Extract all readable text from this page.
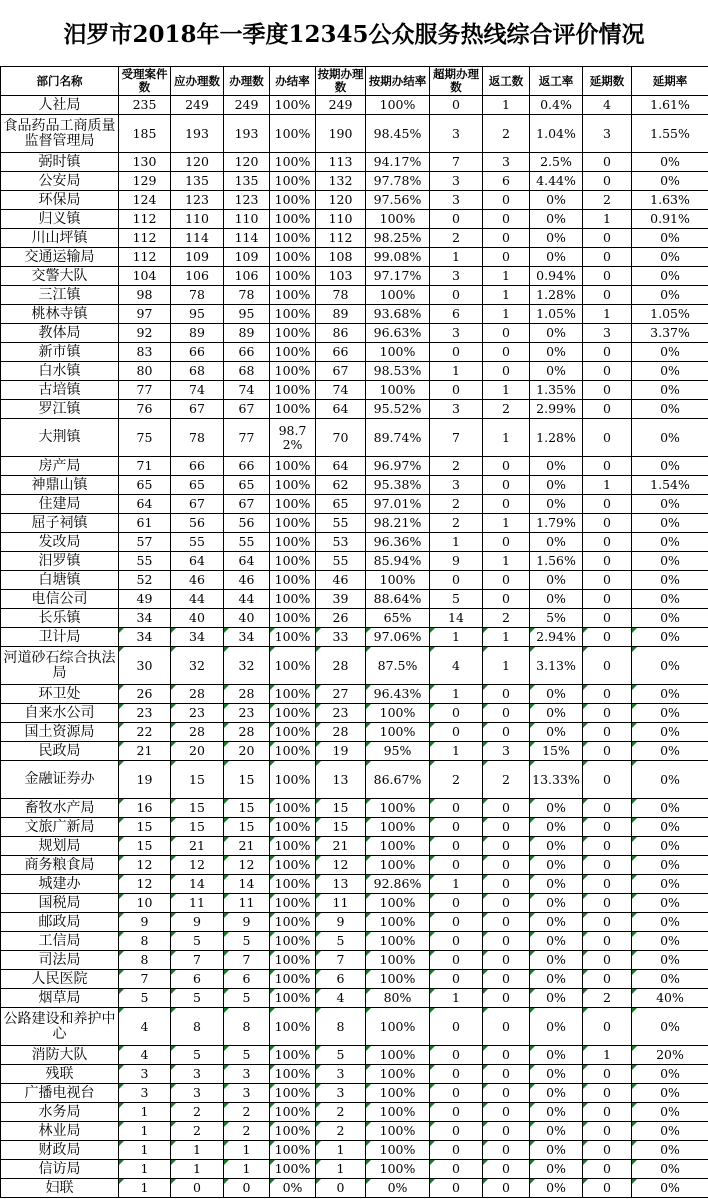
汨罗市2018年一季度12345公众服务热线综合评价情况
部门名称	受理案件数	应办理数	办理数	办结率	按期办理数	按期办结率	超期办理数	返工数	返工率	延期数	延期率
人社局	235	249	249	100%	249	100%	0	1	0.4%	4	1.61%
食品药品工商质量监督管理局	185	193	193	100%	190	98.45%	3	2	1.04%	3	1.55%
弼时镇	130	120	120	100%	113	94.17%	7	3	2.5%	0	0%
公安局	129	135	135	100%	132	97.78%	3	6	4.44%	0	0%
环保局	124	123	123	100%	120	97.56%	3	0	0%	2	1.63%
归义镇	112	110	110	100%	110	100%	0	0	0%	1	0.91%
川山坪镇	112	114	114	100%	112	98.25%	2	0	0%	0	0%
交通运输局	112	109	109	100%	108	99.08%	1	0	0%	0	0%
交警大队	104	106	106	100%	103	97.17%	3	1	0.94%	0	0%
三江镇	98	78	78	100%	78	100%	0	1	1.28%	0	0%
桃林寺镇	97	95	95	100%	89	93.68%	6	1	1.05%	1	1.05%
教体局	92	89	89	100%	86	96.63%	3	0	0%	3	3.37%
新市镇	83	66	66	100%	66	100%	0	0	0%	0	0%
白水镇	80	68	68	100%	67	98.53%	1	0	0%	0	0%
古培镇	77	74	74	100%	74	100%	0	1	1.35%	0	0%
罗江镇	76	67	67	100%	64	95.52%	3	2	2.99%	0	0%
大荆镇	75	78	77	98.72%	70	89.74%	7	1	1.28%	0	0%
房产局	71	66	66	100%	64	96.97%	2	0	0%	0	0%
神鼎山镇	65	65	65	100%	62	95.38%	3	0	0%	1	1.54%
住建局	64	67	67	100%	65	97.01%	2	0	0%	0	0%
屈子祠镇	61	56	56	100%	55	98.21%	2	1	1.79%	0	0%
发改局	57	55	55	100%	53	96.36%	1	0	0%	0	0%
汨罗镇	55	64	64	100%	55	85.94%	9	1	1.56%	0	0%
白塘镇	52	46	46	100%	46	100%	0	0	0%	0	0%
电信公司	49	44	44	100%	39	88.64%	5	0	0%	0	0%
长乐镇	34	40	40	100%	26	65%	14	2	5%	0	0%
卫计局	34	34	34	100%	33	97.06%	1	1	2.94%	0	0%
河道砂石综合执法局	30	32	32	100%	28	87.5%	4	1	3.13%	0	0%
环卫处	26	28	28	100%	27	96.43%	1	0	0%	0	0%
自来水公司	23	23	23	100%	23	100%	0	0	0%	0	0%
国土资源局	22	28	28	100%	28	100%	0	0	0%	0	0%
民政局	21	20	20	100%	19	95%	1	3	15%	0	0%
金融证券办	19	15	15	100%	13	86.67%	2	2	13.33%	0	0%
畜牧水产局	16	15	15	100%	15	100%	0	0	0%	0	0%
文旅广新局	15	15	15	100%	15	100%	0	0	0%	0	0%
规划局	15	21	21	100%	21	100%	0	0	0%	0	0%
商务粮食局	12	12	12	100%	12	100%	0	0	0%	0	0%
城建办	12	14	14	100%	13	92.86%	1	0	0%	0	0%
国税局	10	11	11	100%	11	100%	0	0	0%	0	0%
邮政局	9	9	9	100%	9	100%	0	0	0%	0	0%
工信局	8	5	5	100%	5	100%	0	0	0%	0	0%
司法局	8	7	7	100%	7	100%	0	0	0%	0	0%
人民医院	7	6	6	100%	6	100%	0	0	0%	0	0%
烟草局	5	5	5	100%	4	80%	1	0	0%	2	40%
公路建设和养护中心	4	8	8	100%	8	100%	0	0	0%	0	0%
消防大队	4	5	5	100%	5	100%	0	0	0%	1	20%
残联	3	3	3	100%	3	100%	0	0	0%	0	0%
广播电视台	3	3	3	100%	3	100%	0	0	0%	0	0%
水务局	1	2	2	100%	2	100%	0	0	0%	0	0%
林业局	1	2	2	100%	2	100%	0	0	0%	0	0%
财政局	1	1	1	100%	1	100%	0	0	0%	0	0%
信访局	1	1	1	100%	1	100%	0	0	0%	0	0%
妇联	1	0	0	0%	0	0%	0	0	0%	0	0%
